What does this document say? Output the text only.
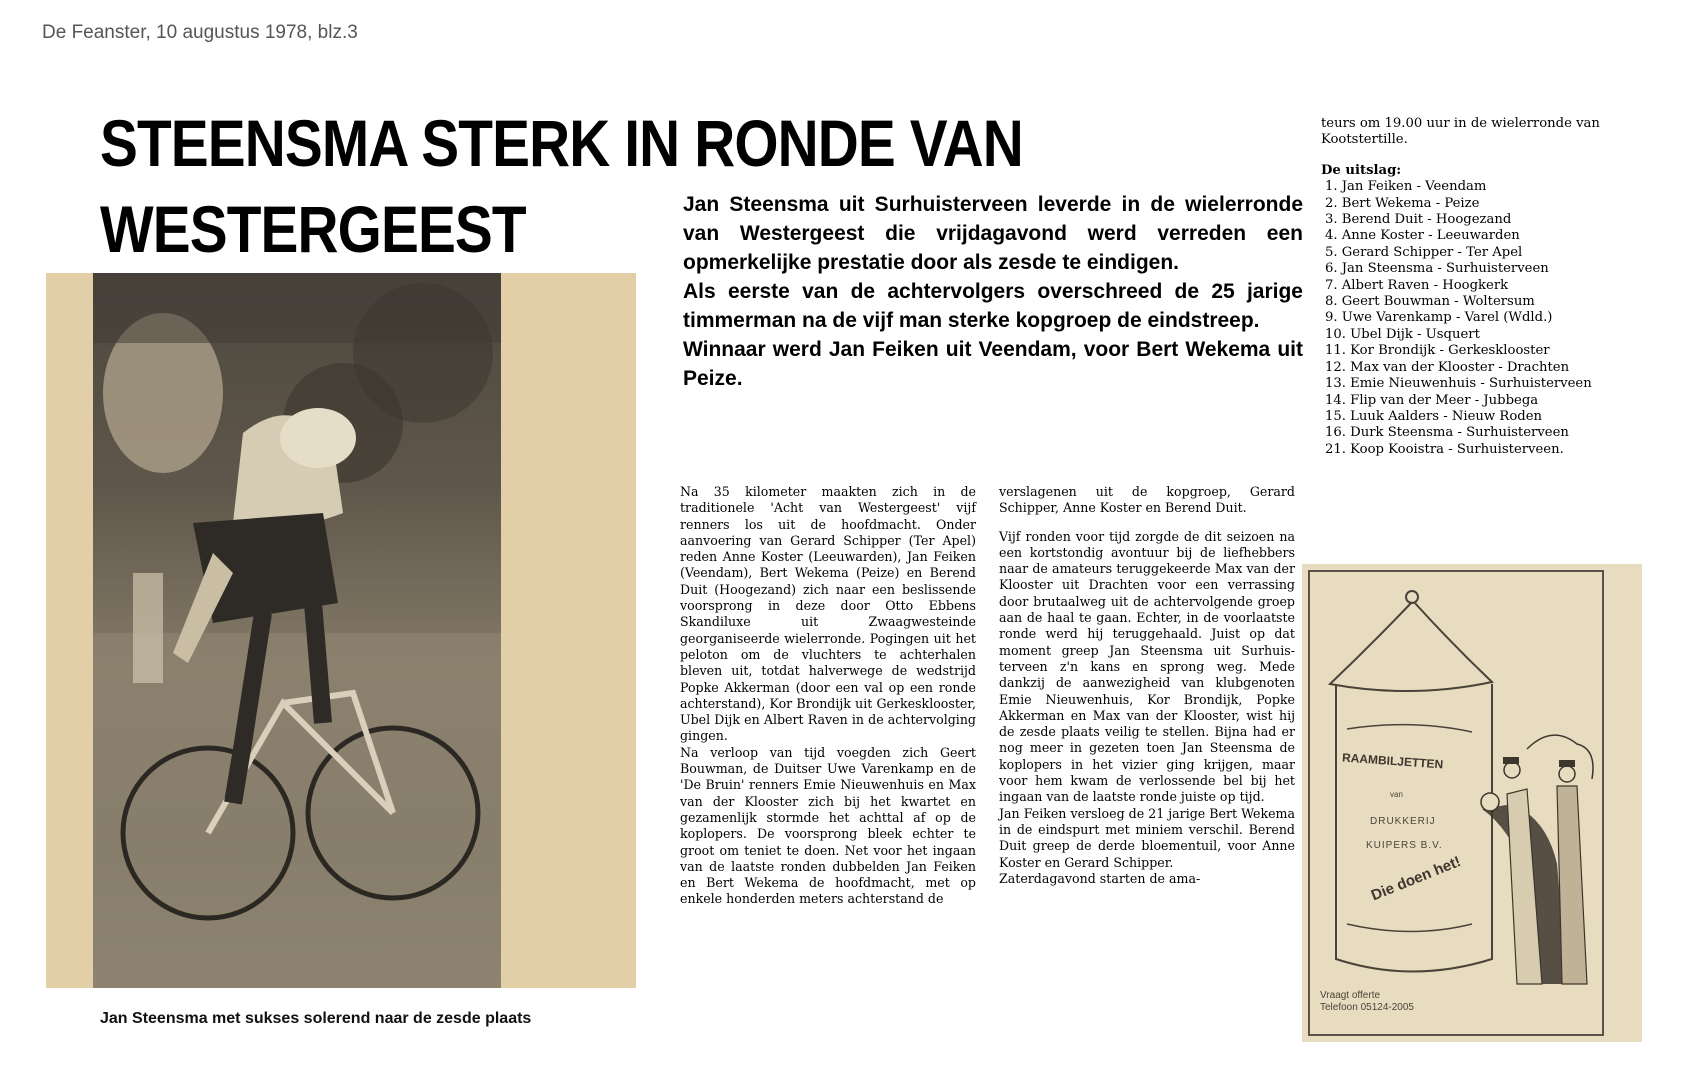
De Feanster, 10 augustus 1978, blz.3
STEENSMA STERK IN RONDE VAN
WESTERGEEST
Jan Steensma met sukses solerend naar de zesde plaats

Jan Steensma uit Surhuisterveen leverde in de wielerronde van Westergeest die vrijdagavond werd verreden een opmerkelijke prestatie door als zesde te eindigen.

Als eerste van de achtervolgers overschreed de 25 jarige timmerman na de vijf man sterke kopgroep de eindstreep.

Winnaar werd Jan Feiken uit Veendam, voor Bert Wekema uit Peize.

Na 35 kilometer maakten zich in de traditionele 'Acht van Westergeest' vijf renners los uit de hoofdmacht. Onder aanvoering van Gerard Schipper (Ter Apel) reden Anne Koster (Leeuwarden), Jan Feiken (Veendam), Bert Wekema (Peize) en Berend Duit (Hoogezand) zich naar een beslissende voorsprong in deze door Otto Ebbens Skandiluxe uit Zwaagwesteinde georganiseerde wielerronde. Pogingen uit het peloton om de vluchters te achterhalen bleven uit, totdat halverwege de wedstrijd Popke Akkerman (door een val op een ronde achterstand), Kor Brondijk uit Gerkesklooster, Ubel Dijk en Albert Raven in de achtervolging gingen.

Na verloop van tijd voegden zich Geert Bouwman, de Duitser Uwe Varenkamp en de 'De Bruin' renners Emie Nieuwenhuis en Max van der Klooster zich bij het kwartet en gezamenlijk stormde het achttal af op de koplopers. De voorsprong bleek echter te groot om teniet te doen. Net voor het ingaan van de laatste ronden dubbelden Jan Feiken en Bert Wekema de hoofdmacht, met op enkele honderden meters achterstand de

verslagenen uit de kopgroep, Gerard Schipper, Anne Koster en Berend Duit.

Vijf ronden voor tijd zorgde de dit seizoen na een kortstondig avontuur bij de liefhebbers naar de amateurs teruggekeerde Max van der Klooster uit Drachten voor een verrassing door brutaalweg uit de achtervolgende groep aan de haal te gaan. Echter, in de voorlaatste ronde werd hij teruggehaald. Juist op dat moment greep Jan Steensma uit Surhuisterveen z'n kans en sprong weg. Mede dankzij de aanwezigheid van klubgenoten Emie Nieuwenhuis, Kor Brondijk, Popke Akkerman en Max van der Klooster, wist hij de zesde plaats veilig te stellen. Bijna had er nog meer in gezeten toen Jan Steensma de koplopers in het vizier ging krijgen, maar voor hem kwam de verlossende bel bij het ingaan van de laatste ronde juiste op tijd.

Jan Feiken versloeg de 21 jarige Bert Wekema in de eindspurt met miniem verschil. Berend Duit greep de derde bloementuil, voor Anne Koster en Gerard Schipper.

Zaterdagavond starten de ama-

teurs om 19.00 uur in de wielerronde van Kootstertille.

De uitslag:

1. Jan Feiken - Veendam
2. Bert Wekema - Peize
3. Berend Duit - Hoogezand
4. Anne Koster - Leeuwarden
5. Gerard Schipper - Ter Apel
6. Jan Steensma - Surhuisterveen
7. Albert Raven - Hoogkerk
8. Geert Bouwman - Woltersum
9. Uwe Varenkamp - Varel (Wdld.)
10. Ubel Dijk - Usquert
11. Kor Brondijk - Gerkesklooster
12. Max van der Klooster - Drachten
13. Emie Nieuwenhuis - Surhuisterveen
14. Flip van der Meer - Jubbega
15. Luuk Aalders - Nieuw Roden
16. Durk Steensma - Surhuisterveen
21. Koop Kooistra - Surhuisterveen.
RAAMBILJETTEN
van
DRUKKERIJ
KUIPERS B.V.
Die doen het!
Vraagt offerte
Telefoon 05124-2005
